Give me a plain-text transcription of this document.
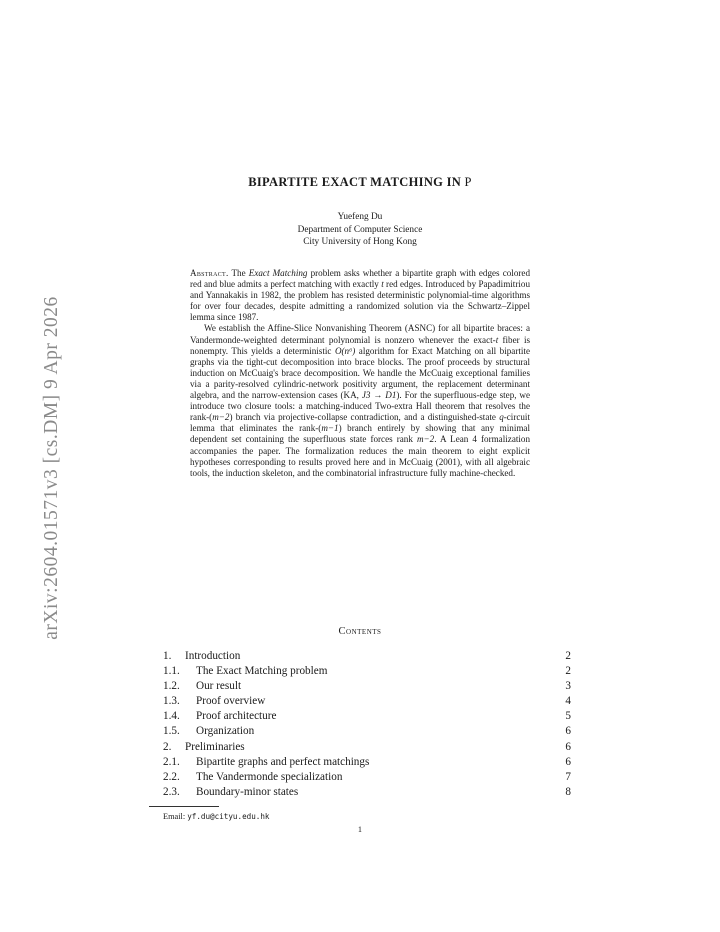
arXiv:2604.01571v3 [cs.DM] 9 Apr 2026
BIPARTITE EXACT MATCHING IN P
Yuefeng Du
Department of Computer Science
City University of Hong Kong

Abstract. The Exact Matching problem asks whether a bipartite graph with edges colored red and blue admits a perfect matching with exactly t red edges. Introduced by Papadimitriou and Yannakakis in 1982, the problem has resisted deterministic polynomial-time algorithms for over four decades, despite admitting a randomized solution via the Schwartz–Zippel lemma since 1987.

We establish the Affine-Slice Nonvanishing Theorem (ASNC) for all bipartite braces: a Vandermonde-weighted determinant polynomial is nonzero whenever the exact-t fiber is nonempty. This yields a deterministic O(n⁶) algorithm for Exact Matching on all bipartite graphs via the tight-cut decomposition into brace blocks. The proof proceeds by structural induction on McCuaig's brace decomposition. We handle the McCuaig exceptional families via a parity-resolved cylindric-network positivity argument, the replacement determinant algebra, and the narrow-extension cases (KA, J3 → D1). For the superfluous-edge step, we introduce two closure tools: a matching-induced Two-extra Hall theorem that resolves the rank-(m−2) branch via projective-collapse contradiction, and a distinguished-state q-circuit lemma that eliminates the rank-(m−1) branch entirely by showing that any minimal dependent set containing the superfluous state forces rank m−2. A Lean 4 formalization accompanies the paper. The formalization reduces the main theorem to eight explicit hypotheses corresponding to results proved here and in McCuaig (2001), with all algebraic tools, the induction skeleton, and the combinatorial infrastructure fully machine-checked.

Contents
1. Introduction	2
1.1. The Exact Matching problem	2
1.2. Our result	3
1.3. Proof overview	4
1.4. Proof architecture	5
1.5. Organization	6
2. Preliminaries	6
2.1. Bipartite graphs and perfect matchings	6
2.2. The Vandermonde specialization	7
2.3. Boundary-minor states	8
Email: yf.du@cityu.edu.hk
1
